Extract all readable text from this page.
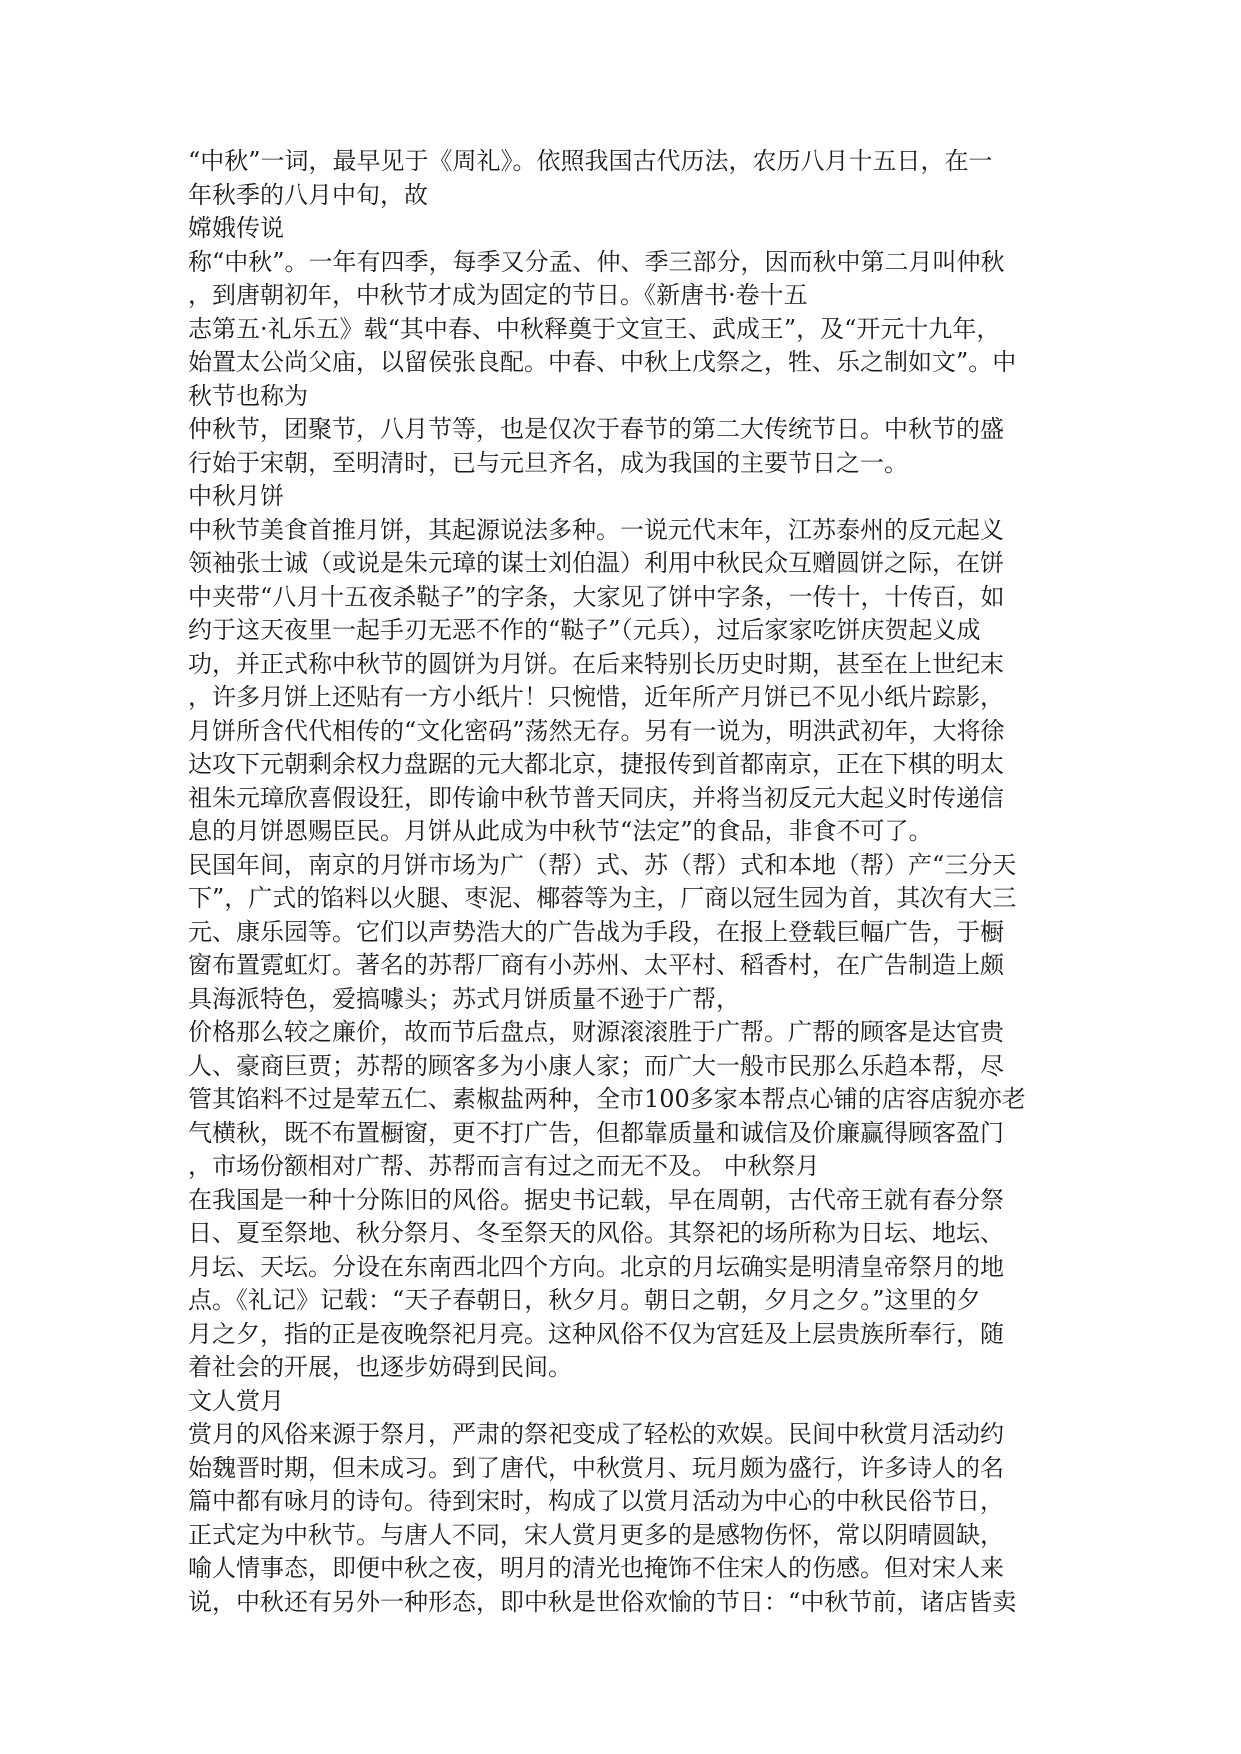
“中秋”一词，最早见于《周礼》。依照我国古代历法，农历八月十五日，在一
年秋季的八月中旬，故
嫦娥传说
称“中秋”。一年有四季，每季又分孟、仲、季三部分，因而秋中第二月叫仲秋
，到唐朝初年，中秋节才成为固定的节日。《新唐书·卷十五
志第五·礼乐五》载“其中春、中秋释奠于文宣王、武成王”，及“开元十九年，
始置太公尚父庙，以留侯张良配。中春、中秋上戊祭之，牲、乐之制如文”。中
秋节也称为
仲秋节，团聚节，八月节等，也是仅次于春节的第二大传统节日。中秋节的盛
行始于宋朝，至明清时，已与元旦齐名，成为我国的主要节日之一。
中秋月饼
中秋节美食首推月饼，其起源说法多种。一说元代末年，江苏泰州的反元起义
领袖张士诚（或说是朱元璋的谋士刘伯温）利用中秋民众互赠圆饼之际，在饼
中夹带“八月十五夜杀鞑子”的字条，大家见了饼中字条，一传十，十传百，如
约于这天夜里一起手刃无恶不作的“鞑子”（元兵），过后家家吃饼庆贺起义成
功，并正式称中秋节的圆饼为月饼。在后来特别长历史时期，甚至在上世纪末
，许多月饼上还贴有一方小纸片！只惋惜，近年所产月饼已不见小纸片踪影，
月饼所含代代相传的“文化密码”荡然无存。另有一说为，明洪武初年，大将徐
达攻下元朝剩余权力盘踞的元大都北京，捷报传到首都南京，正在下棋的明太
祖朱元璋欣喜假设狂，即传谕中秋节普天同庆，并将当初反元大起义时传递信
息的月饼恩赐臣民。月饼从此成为中秋节“法定”的食品，非食不可了。
民国年间，南京的月饼市场为广（帮）式、苏（帮）式和本地（帮）产“三分天
下”，广式的馅料以火腿、枣泥、椰蓉等为主，厂商以冠生园为首，其次有大三
元、康乐园等。它们以声势浩大的广告战为手段，在报上登载巨幅广告，于橱
窗布置霓虹灯。著名的苏帮厂商有小苏州、太平村、稻香村，在广告制造上颇
具海派特色，爱搞噱头；苏式月饼质量不逊于广帮，
价格那么较之廉价，故而节后盘点，财源滚滚胜于广帮。广帮的顾客是达官贵
人、豪商巨贾；苏帮的顾客多为小康人家；而广大一般市民那么乐趋本帮，尽
管其馅料不过是荤五仁、素椒盐两种，全市100多家本帮点心铺的店容店貌亦老
气横秋，既不布置橱窗，更不打广告，但都靠质量和诚信及价廉赢得顾客盈门
，市场份额相对广帮、苏帮而言有过之而无不及。 中秋祭月
在我国是一种十分陈旧的风俗。据史书记载，早在周朝，古代帝王就有春分祭
日、夏至祭地、秋分祭月、冬至祭天的风俗。其祭祀的场所称为日坛、地坛、
月坛、天坛。分设在东南西北四个方向。北京的月坛确实是明清皇帝祭月的地
点。《礼记》记载：“天子春朝日，秋夕月。朝日之朝，夕月之夕。”这里的夕
月之夕，指的正是夜晚祭祀月亮。这种风俗不仅为宫廷及上层贵族所奉行，随
着社会的开展，也逐步妨碍到民间。
文人赏月
赏月的风俗来源于祭月，严肃的祭祀变成了轻松的欢娱。民间中秋赏月活动约
始魏晋时期，但未成习。到了唐代，中秋赏月、玩月颇为盛行，许多诗人的名
篇中都有咏月的诗句。待到宋时，构成了以赏月活动为中心的中秋民俗节日，
正式定为中秋节。与唐人不同，宋人赏月更多的是感物伤怀，常以阴晴圆缺，
喻人情事态，即便中秋之夜，明月的清光也掩饰不住宋人的伤感。但对宋人来
说，中秋还有另外一种形态，即中秋是世俗欢愉的节日：“中秋节前，诸店皆卖
